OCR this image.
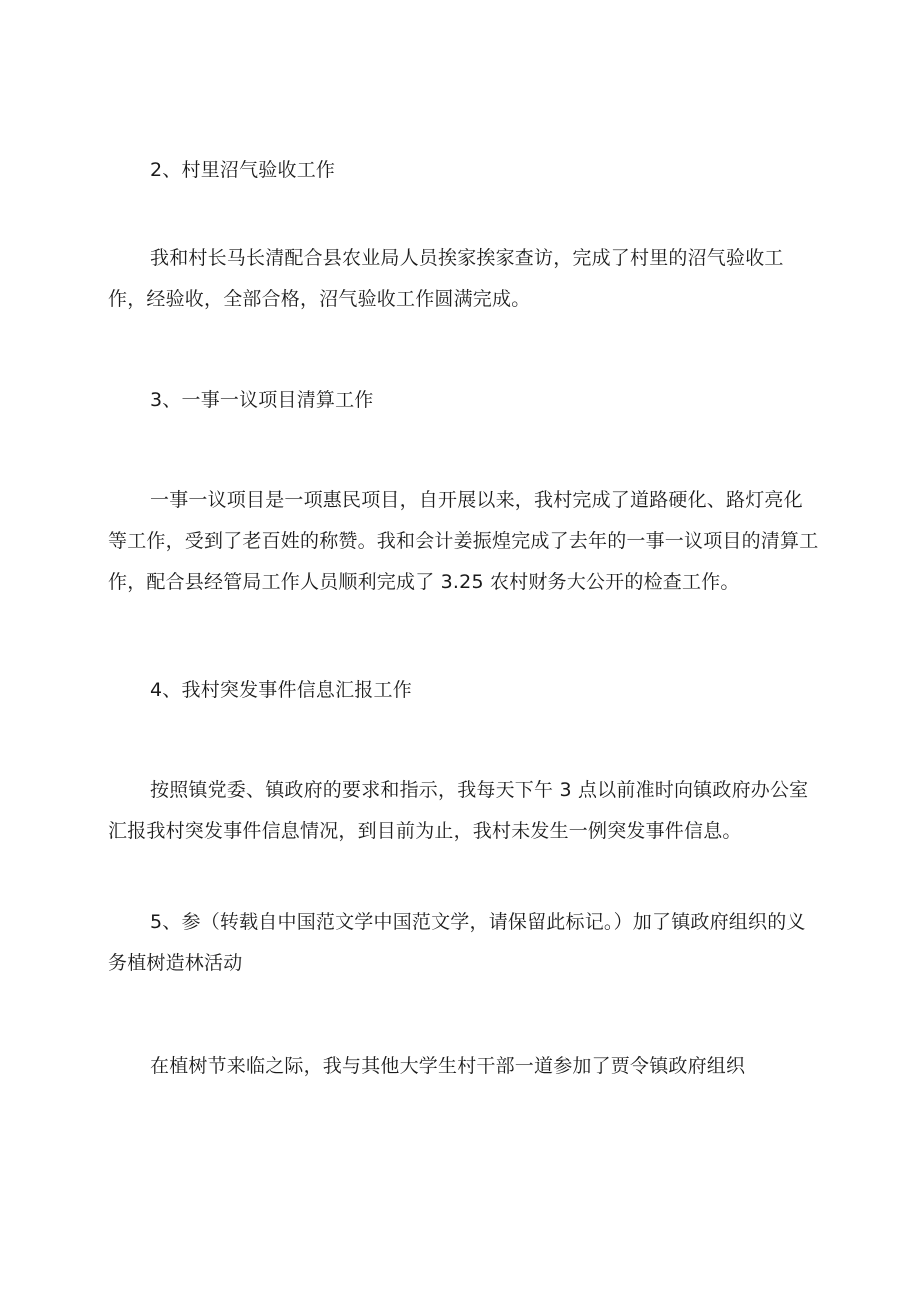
2、村里沼气验收工作

我和村长马长清配合县农业局人员挨家挨家查访，完成了村里的沼气验收工作，经验收，全部合格，沼气验收工作圆满完成。

3、一事一议项目清算工作

一事一议项目是一项惠民项目，自开展以来，我村完成了道路硬化、路灯亮化等工作，受到了老百姓的称赞。我和会计姜振煌完成了去年的一事一议项目的清算工作，配合县经管局工作人员顺利完成了 3.25 农村财务大公开的检查工作。

4、我村突发事件信息汇报工作

按照镇党委、镇政府的要求和指示，我每天下午 3 点以前准时向镇政府办公室汇报我村突发事件信息情况，到目前为止，我村未发生一例突发事件信息。

5、参（转载自中国范文学中国范文学，请保留此标记。）加了镇政府组织的义务植树造林活动

在植树节来临之际，我与其他大学生村干部一道参加了贾令镇政府组织
